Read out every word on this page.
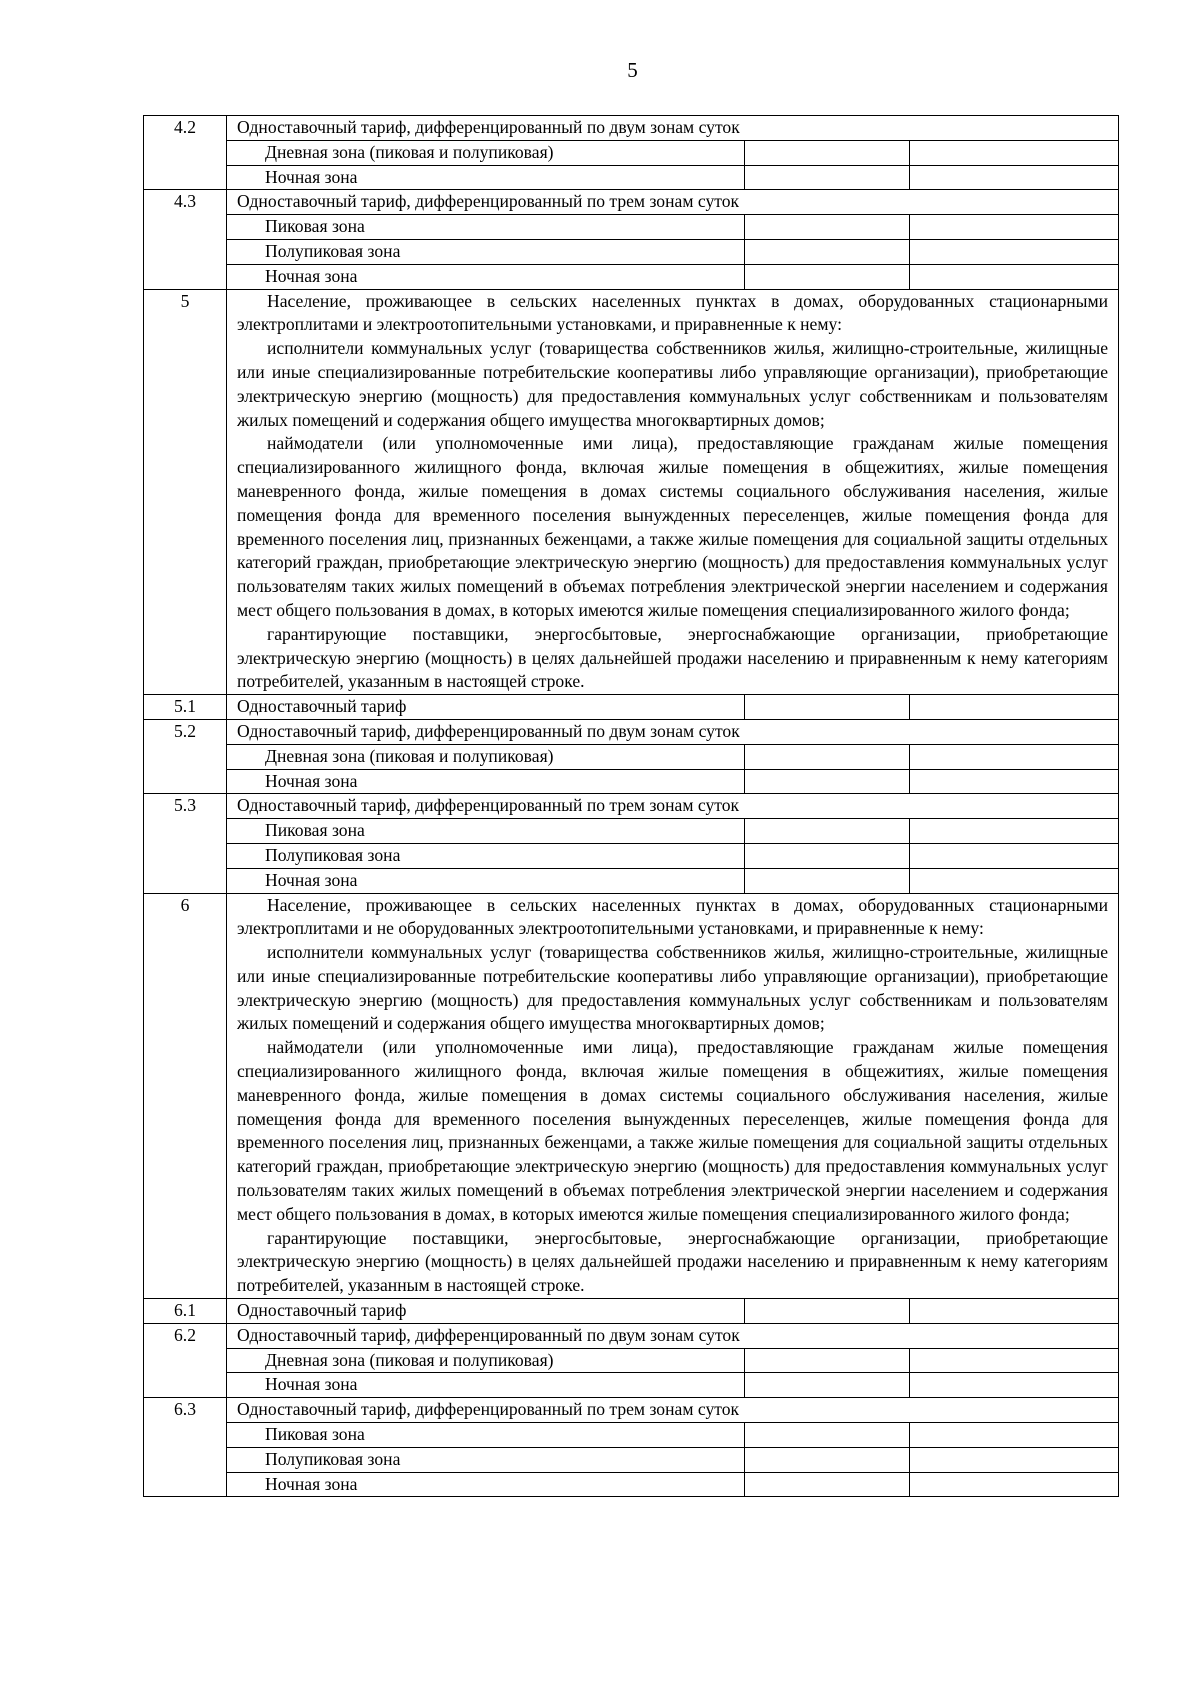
5
4.2	Одноставочный тариф, дифференцированный по двум зонам суток		
	Дневная зона (пиковая и полупиковая)		
	Ночная зона		
4.3	Одноставочный тариф, дифференцированный по трем зонам суток		
	Пиковая зона		
	Полупиковая зона		
	Ночная зона		
5	Население, проживающее в сельских населенных пунктах в домах, оборудованных стационарными электроплитами и электроотопительными установками, и приравненные к нему:
исполнители коммунальных услуг (товарищества собственников жилья, жилищно-строительные, жилищные или иные специализированные потребительские кооперативы либо управляющие организации), приобретающие электрическую энергию (мощность) для предоставления коммунальных услуг собственникам и пользователям жилых помещений и содержания общего имущества многоквартирных домов;
наймодатели (или уполномоченные ими лица), предоставляющие гражданам жилые помещения специализированного жилищного фонда, включая жилые помещения в общежитиях, жилые помещения маневренного фонда, жилые помещения в домах системы социального обслуживания населения, жилые помещения фонда для временного поселения вынужденных переселенцев, жилые помещения фонда для временного поселения лиц, признанных беженцами, а также жилые помещения для социальной защиты отдельных категорий граждан, приобретающие электрическую энергию (мощность) для предоставления коммунальных услуг пользователям таких жилых помещений в объемах потребления электрической энергии населением и содержания мест общего пользования в домах, в которых имеются жилые помещения специализированного жилого фонда;
гарантирующие поставщики, энергосбытовые, энергоснабжающие организации, приобретающие электрическую энергию (мощность) в целях дальнейшей продажи населению и приравненным к нему категориям потребителей, указанным в настоящей строке.		

5.1	Одноставочный тариф		
5.2	Одноставочный тариф, дифференцированный по двум зонам суток		
	Дневная зона (пиковая и полупиковая)		
	Ночная зона		
5.3	Одноставочный тариф, дифференцированный по трем зонам суток		
	Пиковая зона		
	Полупиковая зона		
	Ночная зона		
6	Население, проживающее в сельских населенных пунктах в домах, оборудованных стационарными электроплитами и не оборудованных электроотопительными установками, и приравненные к нему:
исполнители коммунальных услуг (товарищества собственников жилья, жилищно-строительные, жилищные или иные специализированные потребительские кооперативы либо управляющие организации), приобретающие электрическую энергию (мощность) для предоставления коммунальных услуг собственникам и пользователям жилых помещений и содержания общего имущества многоквартирных домов;
наймодатели (или уполномоченные ими лица), предоставляющие гражданам жилые помещения специализированного жилищного фонда, включая жилые помещения в общежитиях, жилые помещения маневренного фонда, жилые помещения в домах системы социального обслуживания населения, жилые помещения фонда для временного поселения вынужденных переселенцев, жилые помещения фонда для временного поселения лиц, признанных беженцами, а также жилые помещения для социальной защиты отдельных категорий граждан, приобретающие электрическую энергию (мощность) для предоставления коммунальных услуг пользователям таких жилых помещений в объемах потребления электрической энергии населением и содержания мест общего пользования в домах, в которых имеются жилые помещения специализированного жилого фонда;
гарантирующие поставщики, энергосбытовые, энергоснабжающие организации, приобретающие электрическую энергию (мощность) в целях дальнейшей продажи населению и приравненным к нему категориям потребителей, указанным в настоящей строке.		

6.1	Одноставочный тариф		
6.2	Одноставочный тариф, дифференцированный по двум зонам суток		
	Дневная зона (пиковая и полупиковая)		
	Ночная зона		
6.3	Одноставочный тариф, дифференцированный по трем зонам суток		
	Пиковая зона		
	Полупиковая зона		
	Ночная зона		
